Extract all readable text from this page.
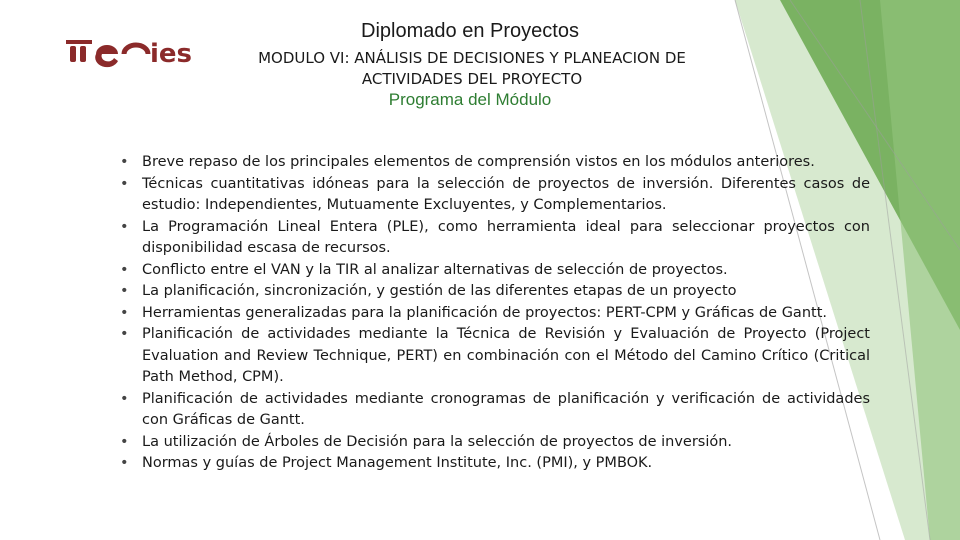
ies
Diplomado en Proyectos
MODULO VI: ANÁLISIS DE DECISIONES Y PLANEACION DE
ACTIVIDADES DEL PROYECTO
Programa del Módulo
• Breve repaso de los principales elementos de comprensión vistos en los módulos anteriores.
• Técnicas cuantitativas idóneas para la selección de proyectos de inversión. Diferentes casos de estudio: Independientes, Mutuamente Excluyentes, y Complementarios.
• La Programación Lineal Entera (PLE), como herramienta ideal para seleccionar proyectos con disponibilidad escasa de recursos.
• Conflicto entre el VAN y la TIR al analizar alternativas de selección de proyectos.
• La planificación, sincronización, y gestión de las diferentes etapas de un proyecto
• Herramientas generalizadas para la planificación de proyectos: PERT-CPM y Gráficas de Gantt.
• Planificación de actividades mediante la Técnica de Revisión y Evaluación de Proyecto (Project Evaluation and Review Technique, PERT) en combinación con el Método del Camino Crítico (Critical Path Method, CPM).
• Planificación de actividades mediante cronogramas de planificación y verificación de actividades con Gráficas de Gantt.
• La utilización de Árboles de Decisión para la selección de proyectos de inversión.
• Normas y guías de Project Management Institute, Inc. (PMI), y PMBOK.
